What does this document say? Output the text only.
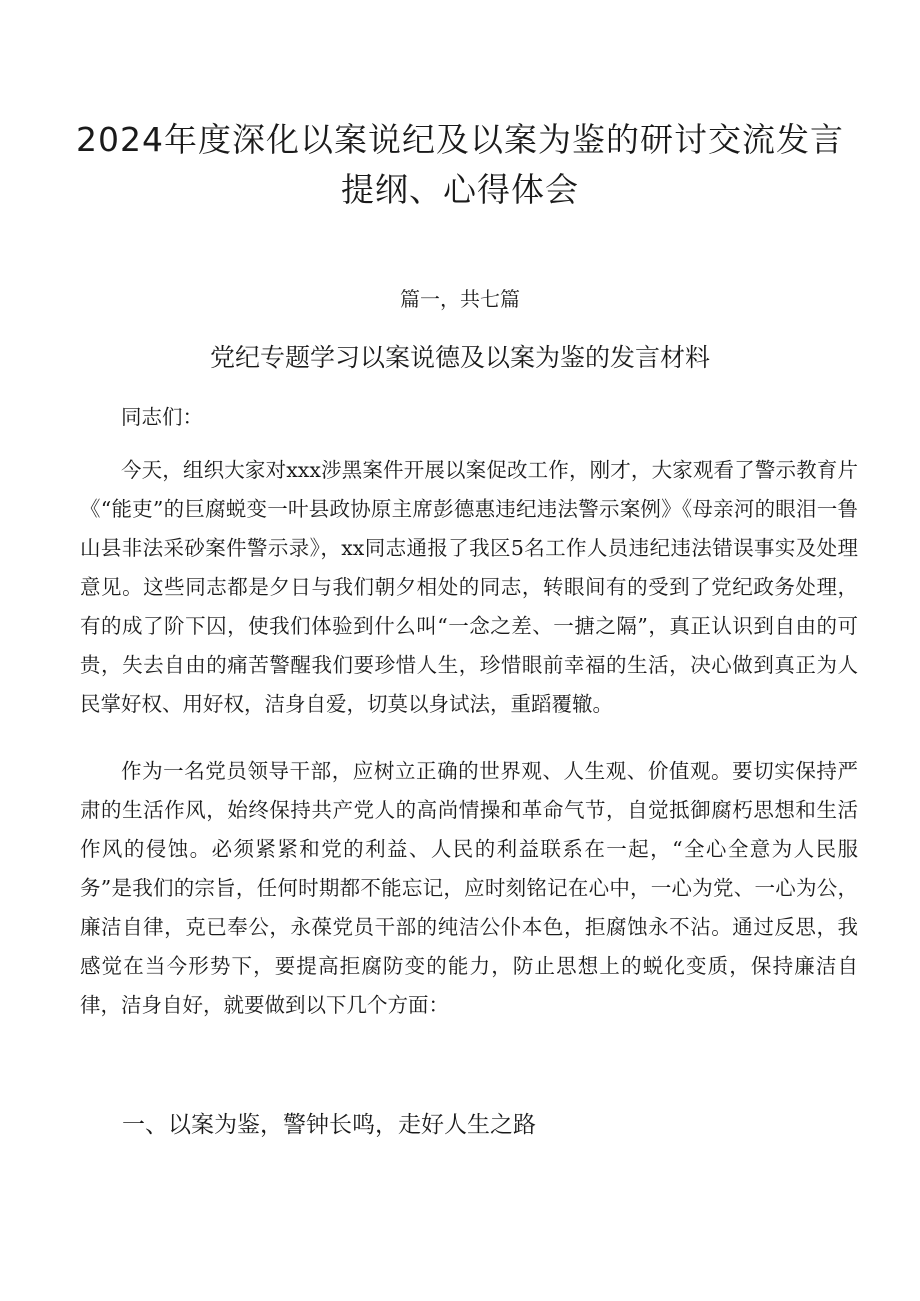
2024年度深化以案说纪及以案为鉴的研讨交流发言
提纲、心得体会

篇一，共七篇

党纪专题学习以案说德及以案为鉴的发言材料

同志们：

今天，组织大家对xxx涉黑案件开展以案促改工作，刚才，大家观看了警示教育片《“能吏”的巨腐蜕变一叶县政协原主席彭德惠违纪违法警示案例》《母亲河的眼泪一鲁山县非法采砂案件警示录》，xx同志通报了我区5名工作人员违纪违法错误事实及处理意见。这些同志都是夕日与我们朝夕相处的同志，转眼间有的受到了党纪政务处理，有的成了阶下囚，使我们体验到什么叫“一念之差、一搪之隔”，真正认识到自由的可贵，失去自由的痛苦警醒我们要珍惜人生，珍惜眼前幸福的生活，决心做到真正为人民掌好权、用好权，洁身自爱，切莫以身试法，重蹈覆辙。

作为一名党员领导干部，应树立正确的世界观、人生观、价值观。要切实保持严肃的生活作风，始终保持共产党人的高尚情操和革命气节，自觉抵御腐朽思想和生活作风的侵蚀。必须紧紧和党的利益、人民的利益联系在一起，“全心全意为人民服务”是我们的宗旨，任何时期都不能忘记，应时刻铭记在心中，一心为党、一心为公，廉洁自律，克已奉公，永葆党员干部的纯洁公仆本色，拒腐蚀永不沾。通过反思，我感觉在当今形势下，要提高拒腐防变的能力，防止思想上的蜕化变质，保持廉洁自律，洁身自好，就要做到以下几个方面：

一、以案为鉴，警钟长鸣，走好人生之路
